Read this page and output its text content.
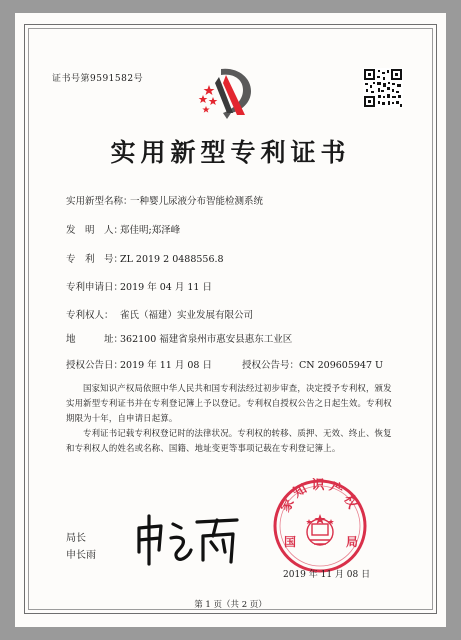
证书号第9591582号
实用新型专利证书
实用新型名称：一种婴儿尿液分布智能检测系统
发　明　人：郑佳明;郑泽峰
专　利　号：ZL 2019 2 0488556.8
专利申请日：2019 年 04 月 11 日
专利权人： 雀氏（福建）实业发展有限公司
地　　　址：362100 福建省泉州市惠安县惠东工业区
授权公告日：2019 年 11 月 08 日	授权公告号：CN 209605947 U
国家知识产权局依照中华人民共和国专利法经过初步审查，决定授予专利权，颁发实用新型专利证书并在专利登记簿上予以登记。专利权自授权公告之日起生效。专利权期限为十年，自申请日起算。
专利证书记载专利权登记时的法律状况。专利权的转移、质押、无效、终止、恢复和专利权人的姓名或名称、国籍、地址变更等事项记载在专利登记簿上。
局长
申长雨
家知识产权
国	局
2019 年 11 月 08 日
第 1 页（共 2 页）
